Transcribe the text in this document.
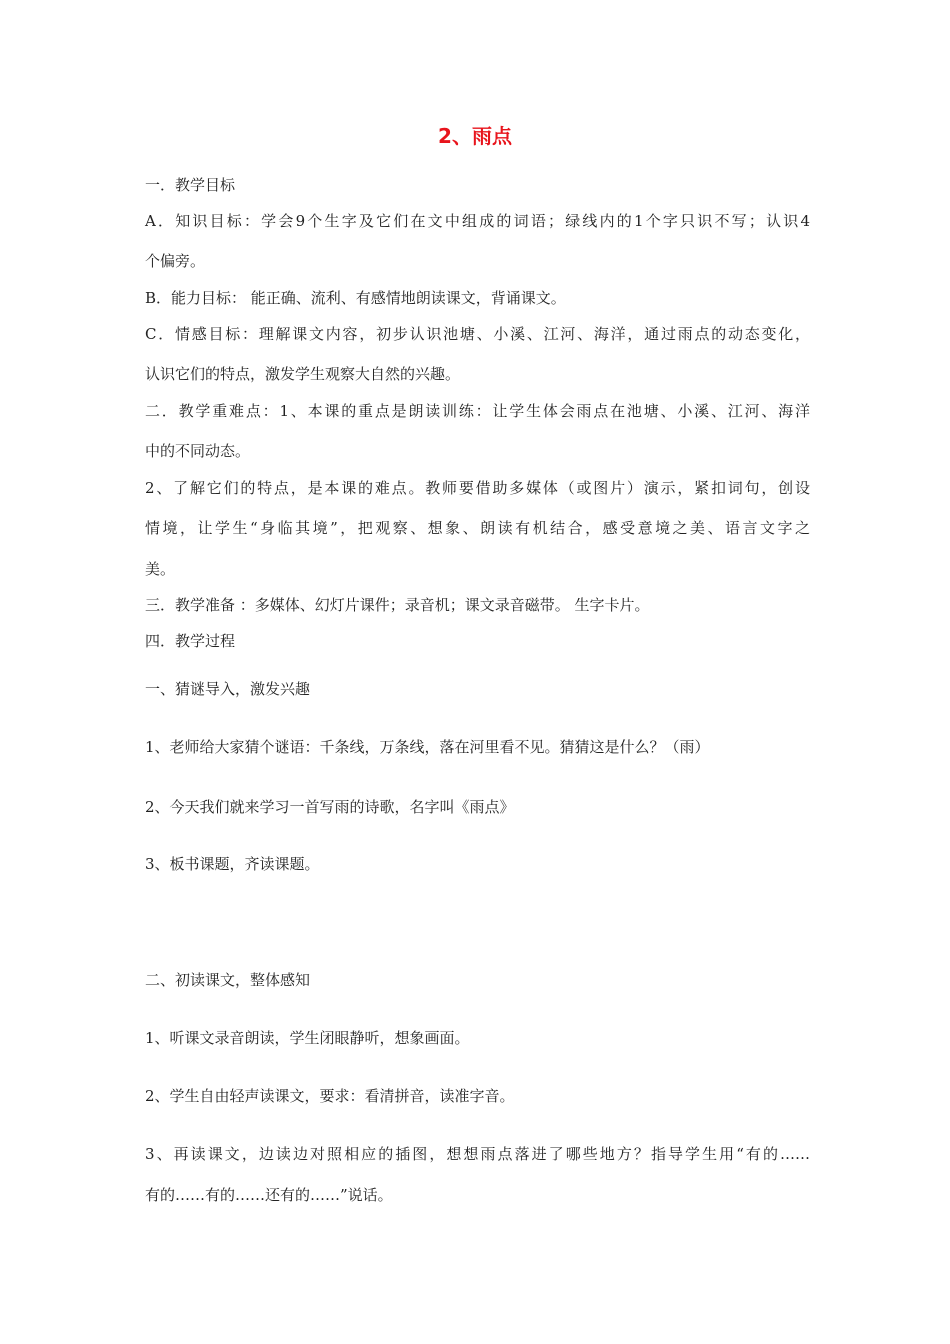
2、雨点
一．教学目标
A．知识目标：学会9个生字及它们在文中组成的词语；绿线内的1个字只识不写；认识4
个偏旁。
B．能力目标： 能正确、流利、有感情地朗读课文，背诵课文。
C．情感目标：理解课文内容，初步认识池塘、小溪、江河、海洋，通过雨点的动态变化，
认识它们的特点，激发学生观察大自然的兴趣。
二．教学重难点：1、本课的重点是朗读训练：让学生体会雨点在池塘、小溪、江河、海洋
中的不同动态。
2、了解它们的特点，是本课的难点。教师要借助多媒体（或图片）演示，紧扣词句，创设
情境，让学生“身临其境”，把观察、想象、朗读有机结合，感受意境之美、语言文字之
美。
三．教学准备 ：多媒体、幻灯片课件；录音机；课文录音磁带。 生字卡片。
四．教学过程
一、猜谜导入，激发兴趣
1、老师给大家猜个谜语：千条线，万条线，落在河里看不见。猜猜这是什么？（雨）
2、今天我们就来学习一首写雨的诗歌，名字叫《雨点》
3、板书课题，齐读课题。
二、初读课文，整体感知
1、听课文录音朗读，学生闭眼静听，想象画面。
2、学生自由轻声读课文，要求：看清拼音，读准字音。
3、再读课文，边读边对照相应的插图，想想雨点落进了哪些地方？指导学生用“有的……
有的……有的……还有的……”说话。
